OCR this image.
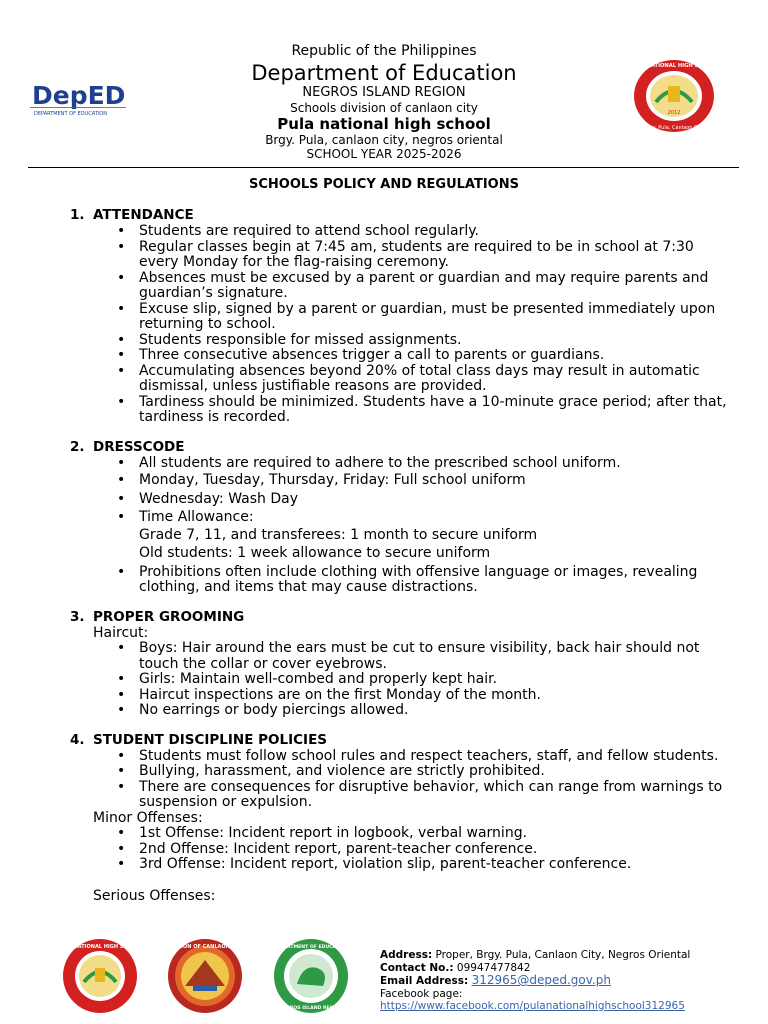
DepED
DEPARTMENT OF EDUCATION
Republic of the Philippines
Department of Education
NEGROS ISLAND REGION
Schools division of canlaon city
Pula national high school
Brgy. Pula, canlaon city, negros oriental
SCHOOL YEAR 2025-2026
2012
PULA NATIONAL HIGH SCHOOL
Brgy. Pula, Canlaon City
SCHOOLS POLICY AND REGULATIONS
1. ATTENDANCE
• Students are required to attend school regularly.
• Regular classes begin at 7:45 am, students are required to be in school at 7:30 every Monday for the flag-raising ceremony.
• Absences must be excused by a parent or guardian and may require parents and guardian’s signature.
• Excuse slip, signed by a parent or guardian, must be presented immediately upon returning to school.
• Students responsible for missed assignments.
• Three consecutive absences trigger a call to parents or guardians.
• Accumulating absences beyond 20% of total class days may result in automatic dismissal, unless justifiable reasons are provided.
• Tardiness should be minimized. Students have a 10-minute grace period; after that, tardiness is recorded.
2. DRESSCODE
• All students are required to adhere to the prescribed school uniform.
• Monday, Tuesday, Thursday, Friday: Full school uniform
• Wednesday: Wash Day
• Time Allowance:
Grade 7, 11, and transferees: 1 month to secure uniform
Old students: 1 week allowance to secure uniform
• Prohibitions often include clothing with offensive language or images, revealing clothing, and items that may cause distractions.
3. PROPER GROOMING
Haircut:
• Boys: Hair around the ears must be cut to ensure visibility, back hair should not touch the collar or cover eyebrows.
• Girls: Maintain well-combed and properly kept hair.
• Haircut inspections are on the first Monday of the month.
• No earrings or body piercings allowed.
4. STUDENT DISCIPLINE POLICIES
• Students must follow school rules and respect teachers, staff, and fellow students.
• Bullying, harassment, and violence are strictly prohibited.
• There are consequences for disruptive behavior, which can range from warnings to suspension or expulsion.
Minor Offenses:
• 1st Offense: Incident report in logbook, verbal warning.
• 2nd Offense: Incident report, parent-teacher conference.
• 3rd Offense: Incident report, violation slip, parent-teacher conference.
Serious Offenses:
PULA NATIONAL HIGH SCHOOL	DIVISION OF CANLAON CITY	DEPARTMENT OF EDUCATION
NEGROS ISLAND REGION
Address: Proper, Brgy. Pula, Canlaon City, Negros Oriental
Contact No.: 09947477842
Email Address: 312965@deped.gov.ph
Facebook page:
https://www.facebook.com/pulanationalhighschool312965
